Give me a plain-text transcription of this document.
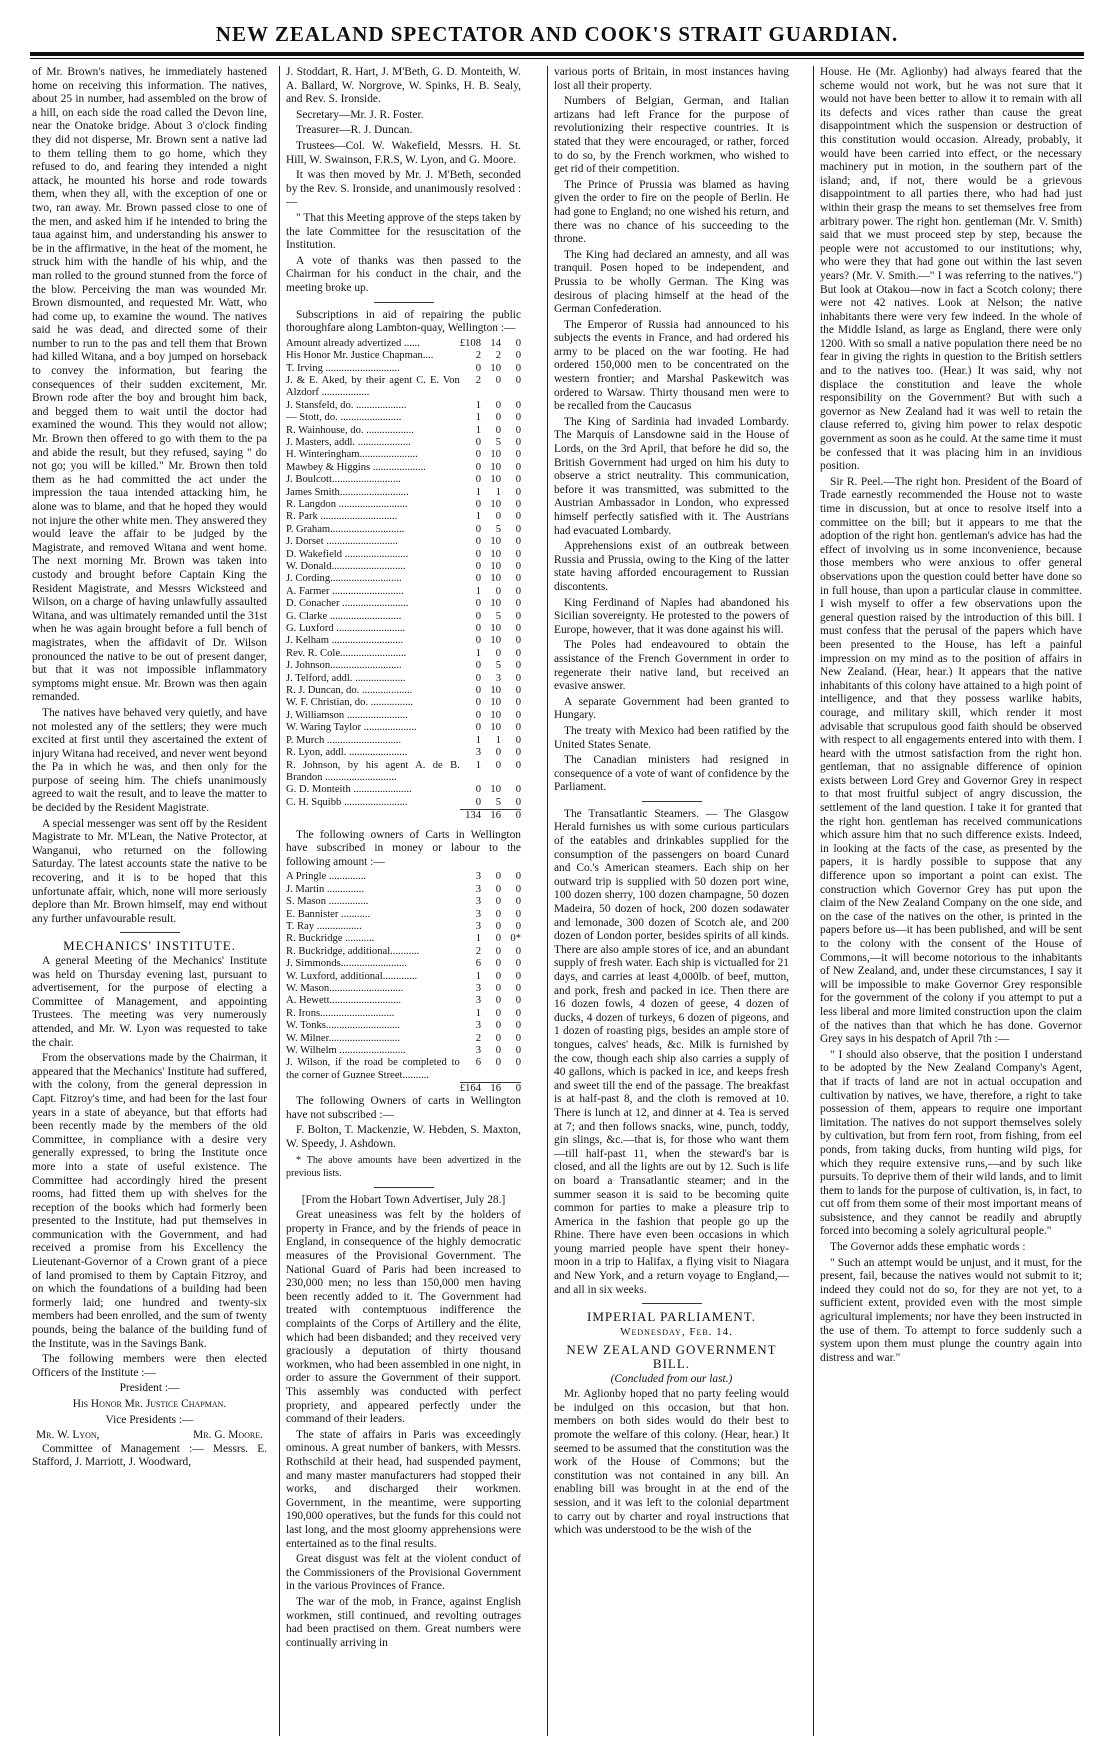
NEW ZEALAND SPECTATOR AND COOK'S STRAIT GUARDIAN.

of Mr. Brown's natives, he immediately hastened home on receiving this information. The natives, about 25 in number, had assembled on the brow of a hill, on each side the road called the Devon line, near the Onatoke bridge. About 3 o'clock finding they did not disperse, Mr. Brown sent a native lad to them telling them to go home, which they refused to do, and fearing they intended a night attack, he mounted his horse and rode towards them, when they all, with the exception of one or two, ran away. Mr. Brown passed close to one of the men, and asked him if he intended to bring the taua against him, and understanding his answer to be in the affirmative, in the heat of the moment, he struck him with the handle of his whip, and the man rolled to the ground stunned from the force of the blow. Perceiving the man was wounded Mr. Brown dismounted, and requested Mr. Watt, who had come up, to examine the wound. The natives said he was dead, and directed some of their number to run to the pas and tell them that Brown had killed Witana, and a boy jumped on horseback to convey the information, but fearing the consequences of their sudden excitement, Mr. Brown rode after the boy and brought him back, and begged them to wait until the doctor had examined the wound. This they would not allow; Mr. Brown then offered to go with them to the pa and abide the result, but they refused, saying " do not go; you will be killed." Mr. Brown then told them as he had committed the act under the impression the taua intended attacking him, he alone was to blame, and that he hoped they would not injure the other white men. They answered they would leave the affair to be judged by the Magistrate, and removed Witana and went home. The next morning Mr. Brown was taken into custody and brought before Captain King the Resident Magistrate, and Messrs Wicksteed and Wilson, on a charge of having unlawfully assaulted Witana, and was ultimately remanded until the 31st when he was again brought before a full bench of magistrates, when the affidavit of Dr. Wilson pronounced the native to be out of present danger, but that it was not impossible inflammatory symptoms might ensue. Mr. Brown was then again remanded.

The natives have behaved very quietly, and have not molested any of the settlers; they were much excited at first until they ascertained the extent of injury Witana had received, and never went beyond the Pa in which he was, and then only for the purpose of seeing him. The chiefs unanimously agreed to wait the result, and to leave the matter to be decided by the Resident Magistrate.

A special messenger was sent off by the Resident Magistrate to Mr. M'Lean, the Native Protector, at Wanganui, who returned on the following Saturday. The latest accounts state the native to be recovering, and it is to be hoped that this unfortunate affair, which, none will more seriously deplore than Mr. Brown himself, may end without any further unfavourable result.

MECHANICS' INSTITUTE.

A general Meeting of the Mechanics' Institute was held on Thursday evening last, pursuant to advertisement, for the purpose of electing a Committee of Management, and appointing Trustees. The meeting was very numerously attended, and Mr. W. Lyon was requested to take the chair.

From the observations made by the Chairman, it appeared that the Mechanics' Institute had suffered, with the colony, from the general depression in Capt. Fitzroy's time, and had been for the last four years in a state of abeyance, but that efforts had been recently made by the members of the old Committee, in compliance with a desire very generally expressed, to bring the Institute once more into a state of useful existence. The Committee had accordingly hired the present rooms, had fitted them up with shelves for the reception of the books which had formerly been presented to the Institute, had put themselves in communication with the Government, and had received a promise from his Excellency the Lieutenant-Governor of a Crown grant of a piece of land promised to them by Captain Fitzroy, and on which the foundations of a building had been formerly laid; one hundred and twenty-six members had been enrolled, and the sum of twenty pounds, being the balance of the building fund of the Institute, was in the Savings Bank.

The following members were then elected Officers of the Institute :—

President :—

His Honor Mr. Justice Chapman.

Vice Presidents :—

Mr. W. Lyon,	Mr. G. Moore.

Committee of Management :— Messrs. E. Stafford, J. Marriott, J. Woodward,

J. Stoddart, R. Hart, J. M'Beth, G. D. Monteith, W. A. Ballard, W. Norgrove, W. Spinks, H. B. Sealy, and Rev. S. Ironside.

Secretary—Mr. J. R. Foster.

Treasurer—R. J. Duncan.

Trustees—Col. W. Wakefield, Messrs. H. St. Hill, W. Swainson, F.R.S, W. Lyon, and G. Moore.

It was then moved by Mr. J. M'Beth, seconded by the Rev. S. Ironside, and unanimously resolved :—

" That this Meeting approve of the steps taken by the late Committee for the resuscitation of the Institution.

A vote of thanks was then passed to the Chairman for his conduct in the chair, and the meeting broke up.

Subscriptions in aid of repairing the public thoroughfare along Lambton-quay, Wellington :—

Amount already advertized ......	£108	14	0
His Honor Mr. Justice Chapman....	2	2	0
T. Irving ............................	0	10	0
J. & E. Aked, by their agent C. E. Von Alzdorf ..................	2	0	0
J. Stansfeld, do. ...................	1	0	0
— Stott, do. .......................	1	0	0
R. Wainhouse, do. ..................	1	0	0
J. Masters, addl. ....................	0	5	0
H. Winteringham......................	0	10	0
Mawbey & Higgins ....................	0	10	0
J. Boulcott..........................	0	10	0
James Smith..........................	1	1	0
R. Langdon ..........................	0	10	0
R. Park .............................	1	0	0
P. Graham............................	0	5	0
J. Dorset ...........................	0	10	0
D. Wakefield ........................	0	10	0
W. Donald............................	0	10	0
J. Cording...........................	0	10	0
A. Farmer ...........................	1	0	0
D. Conacher .........................	0	10	0
G. Clarke ...........................	0	5	0
G. Luxford ..........................	0	10	0
J. Kelham ...........................	0	10	0
Rev. R. Cole.........................	1	0	0
J. Johnson...........................	0	5	0
J. Telford, addl. ...................	0	3	0
R. J. Duncan, do. ...................	0	10	0
W. F. Christian, do. ................	0	10	0
J. Williamson .......................	0	10	0
W. Waring Taylor ....................	0	10	0
P. Murch ............................	1	1	0
R. Lyon, addl. ......................	3	0	0
R. Johnson, by his agent A. de B. Brandon ...........................	1	0	0
G. D. Monteith ......................	0	10	0
C. H. Squibb ........................	0	5	0
	134	16	0

The following owners of Carts in Wellington have subscribed in money or labour to the following amount :—

A Pringle ..............	3	0	0
J. Martin ..............	3	0	0
S. Mason ...............	3	0	0
E. Bannister ...........	3	0	0
T. Ray .................	3	0	0
R. Buckridge ...........	1	0	0*
R. Buckridge, additional...........	2	0	0
J. Simmonds.........................	6	0	0
W. Luxford, additional.............	1	0	0
W. Mason............................	3	0	0
A. Hewett...........................	3	0	0
R. Irons............................	1	0	0
W. Tonks............................	3	0	0
W. Milner...........................	2	0	0
W. Wilhelm .........................	3	0	0
J. Wilson, if the road be completed to the corner of Guznee Street..........	6	0	0
	£164	16	0

The following Owners of carts in Wellington have not subscribed :—

F. Bolton, T. Mackenzie, W. Hebden, S. Maxton, W. Speedy, J. Ashdown.

* The above amounts have been advertized in the previous lists.

[From the Hobart Town Advertiser, July 28.]

Great uneasiness was felt by the holders of property in France, and by the friends of peace in England, in consequence of the highly democratic measures of the Provisional Government. The National Guard of Paris had been increased to 230,000 men; no less than 150,000 men having been recently added to it. The Government had treated with contemptuous indifference the complaints of the Corps of Artillery and the élite, which had been disbanded; and they received very graciously a deputation of thirty thousand workmen, who had been assembled in one night, in order to assure the Government of their support. This assembly was conducted with perfect propriety, and appeared perfectly under the command of their leaders.

The state of affairs in Paris was exceedingly ominous. A great number of bankers, with Messrs. Rothschild at their head, had suspended payment, and many master manufacturers had stopped their works, and discharged their workmen. Government, in the meantime, were supporting 190,000 operatives, but the funds for this could not last long, and the most gloomy apprehensions were entertained as to the final results.

Great disgust was felt at the violent conduct of the Commissioners of the Provisional Government in the various Provinces of France.

The war of the mob, in France, against English workmen, still continued, and revolting outrages had been practised on them. Great numbers were continually arriving in

various ports of Britain, in most instances having lost all their property.

Numbers of Belgian, German, and Italian artizans had left France for the purpose of revolutionizing their respective countries. It is stated that they were encouraged, or rather, forced to do so, by the French workmen, who wished to get rid of their competition.

The Prince of Prussia was blamed as having given the order to fire on the people of Berlin. He had gone to England; no one wished his return, and there was no chance of his succeeding to the throne.

The King had declared an amnesty, and all was tranquil. Posen hoped to be independent, and Prussia to be wholly German. The King was desirous of placing himself at the head of the German Confederation.

The Emperor of Russia had announced to his subjects the events in France, and had ordered his army to be placed on the war footing. He had ordered 150,000 men to be concentrated on the western frontier; and Marshal Paskewitch was ordered to Warsaw. Thirty thousand men were to be recalled from the Caucasus

The King of Sardinia had invaded Lombardy. The Marquis of Lansdowne said in the House of Lords, on the 3rd April, that before he did so, the British Government had urged on him his duty to observe a strict neutrality. This communication, before it was transmitted, was submitted to the Austrian Ambassador in London, who expressed himself perfectly satisfied with it. The Austrians had evacuated Lombardy.

Apprehensions exist of an outbreak between Russia and Prussia, owing to the King of the latter state having afforded encouragement to Russian discontents.

King Ferdinand of Naples had abandoned his Sicilian sovereignty. He protested to the powers of Europe, however, that it was done against his will.

The Poles had endeavoured to obtain the assistance of the French Government in order to regenerate their native land, but received an evasive answer.

A separate Government had been granted to Hungary.

The treaty with Mexico had been ratified by the United States Senate.

The Canadian ministers had resigned in consequence of a vote of want of confidence by the Parliament.

The Transatlantic Steamers. — The Glasgow Herald furnishes us with some curious particulars of the eatables and drinkables supplied for the consumption of the passengers on board Cunard and Co.'s American steamers. Each ship on her outward trip is supplied with 50 dozen port wine, 100 dozen sherry, 100 dozen champagne, 50 dozen Madeira, 50 dozen of hock, 200 dozen sodawater and lemonade, 300 dozen of Scotch ale, and 200 dozen of London porter, besides spirits of all kinds. There are also ample stores of ice, and an abundant supply of fresh water. Each ship is victualled for 21 days, and carries at least 4,000lb. of beef, mutton, and pork, fresh and packed in ice. Then there are 16 dozen fowls, 4 dozen of geese, 4 dozen of ducks, 4 dozen of turkeys, 6 dozen of pigeons, and 1 dozen of roasting pigs, besides an ample store of tongues, calves' heads, &c. Milk is furnished by the cow, though each ship also carries a supply of 40 gallons, which is packed in ice, and keeps fresh and sweet till the end of the passage. The breakfast is at half-past 8, and the cloth is removed at 10. There is lunch at 12, and dinner at 4. Tea is served at 7; and then follows snacks, wine, punch, toddy, gin slings, &c.—that is, for those who want them—till half-past 11, when the steward's bar is closed, and all the lights are out by 12. Such is life on board a Transatlantic steamer; and in the summer season it is said to be becoming quite common for parties to make a pleasure trip to America in the fashion that people go up the Rhine. There have even been occasions in which young married people have spent their honey-moon in a trip to Halifax, a flying visit to Niagara and New York, and a return voyage to England,—and all in six weeks.

IMPERIAL PARLIAMENT.

Wednesday, Feb. 14.

NEW ZEALAND GOVERNMENT BILL.

(Concluded from our last.)

Mr. Aglionby hoped that no party feeling would be indulged on this occasion, but that hon. members on both sides would do their best to promote the welfare of this colony. (Hear, hear.) It seemed to be assumed that the constitution was the work of the House of Commons; but the constitution was not contained in any bill. An enabling bill was brought in at the end of the session, and it was left to the colonial department to carry out by charter and royal instructions that which was understood to be the wish of the

House. He (Mr. Aglionby) had always feared that the scheme would not work, but he was not sure that it would not have been better to allow it to remain with all its defects and vices rather than cause the great disappointment which the suspension or destruction of this constitution would occasion. Already, probably, it would have been carried into effect, or the necessary machinery put in motion, in the southern part of the island; and, if not, there would be a grievous disappointment to all parties there, who had had just within their grasp the means to set themselves free from arbitrary power. The right hon. gentleman (Mr. V. Smith) said that we must proceed step by step, because the people were not accustomed to our institutions; why, who were they that had gone out within the last seven years? (Mr. V. Smith.—" I was referring to the natives.") But look at Otakou—now in fact a Scotch colony; there were not 42 natives. Look at Nelson; the native inhabitants there were very few indeed. In the whole of the Middle Island, as large as England, there were only 1200. With so small a native population there need be no fear in giving the rights in question to the British settlers and to the natives too. (Hear.) It was said, why not displace the constitution and leave the whole responsibility on the Government? But with such a governor as New Zealand had it was well to retain the clause referred to, giving him power to relax despotic government as soon as he could. At the same time it must be confessed that it was placing him in an invidious position.

Sir R. Peel.—The right hon. President of the Board of Trade earnestly recommended the House not to waste time in discussion, but at once to resolve itself into a committee on the bill; but it appears to me that the adoption of the right hon. gentleman's advice has had the effect of involving us in some inconvenience, because those members who were anxious to offer general observations upon the question could better have done so in full house, than upon a particular clause in committee. I wish myself to offer a few observations upon the general question raised by the introduction of this bill. I must confess that the perusal of the papers which have been presented to the House, has left a painful impression on my mind as to the position of affairs in New Zealand. (Hear, hear.) It appears that the native inhabitants of this colony have attained to a high point of intelligence, and that they possess warlike habits, courage, and military skill, which render it most advisable that scrupulous good faith should be observed with respect to all engagements entered into with them. I heard with the utmost satisfaction from the right hon. gentleman, that no assignable difference of opinion exists between Lord Grey and Governor Grey in respect to that most fruitful subject of angry discussion, the settlement of the land question. I take it for granted that the right hon. gentleman has received communications which assure him that no such difference exists. Indeed, in looking at the facts of the case, as presented by the papers, it is hardly possible to suppose that any difference upon so important a point can exist. The construction which Governor Grey has put upon the claim of the New Zealand Company on the one side, and on the case of the natives on the other, is printed in the papers before us—it has been published, and will be sent to the colony with the consent of the House of Commons,—it will become notorious to the inhabitants of New Zealand, and, under these circumstances, I say it will be impossible to make Governor Grey responsible for the government of the colony if you attempt to put a less liberal and more limited construction upon the claim of the natives than that which he has done. Governor Grey says in his despatch of April 7th :—

" I should also observe, that the position I understand to be adopted by the New Zealand Company's Agent, that if tracts of land are not in actual occupation and cultivation by natives, we have, therefore, a right to take possession of them, appears to require one important limitation. The natives do not support themselves solely by cultivation, but from fern root, from fishing, from eel ponds, from taking ducks, from hunting wild pigs, for which they require extensive runs,—and by such like pursuits. To deprive them of their wild lands, and to limit them to lands for the purpose of cultivation, is, in fact, to cut off from them some of their most important means of subsistence, and they cannot be readily and abruptly forced into becoming a solely agricultural people."

The Governor adds these emphatic words :

" Such an attempt would be unjust, and it must, for the present, fail, because the natives would not submit to it; indeed they could not do so, for they are not yet, to a sufficient extent, provided even with the most simple agricultural implements; nor have they been instructed in the use of them. To attempt to force suddenly such a system upon them must plunge the country again into distress and war."
